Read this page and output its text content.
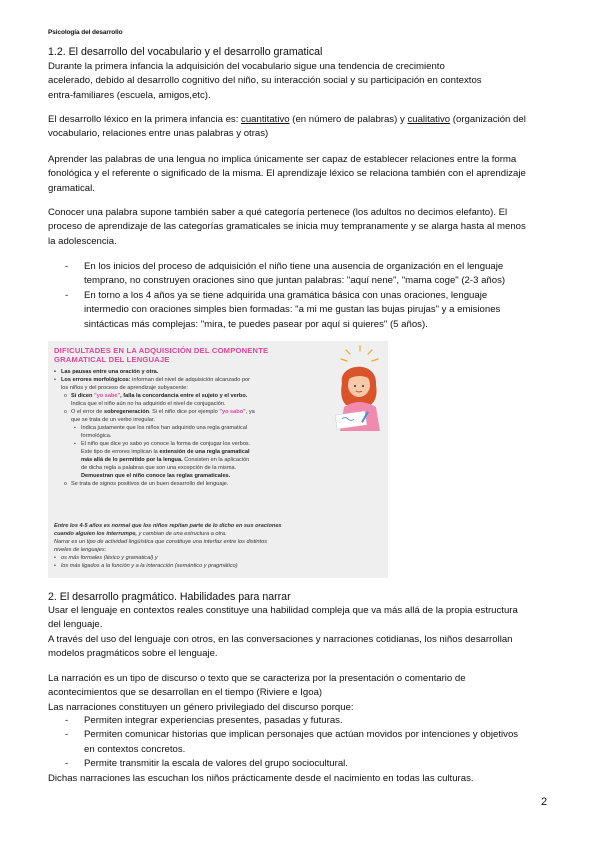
Psicología del desarrollo
1.2. El desarrollo del vocabulario y el desarrollo gramatical

Durante la primera infancia la adquisición del vocabulario sigue una tendencia de crecimiento

acelerado, debido al desarrollo cognitivo del niño, su interacción social y su participación en contextos

entra-familiares (escuela, amigos,etc).

El desarrollo léxico en la primera infancia es: cuantitativo (en número de palabras) y cualitativo (organización del

vocabulario, relaciones entre unas palabras y otras)

Aprender las palabras de una lengua no implica únicamente ser capaz de establecer relaciones entre la forma

fonológica y el referente o significado de la misma. El aprendizaje léxico se relaciona también con el aprendizaje

gramatical.

Conocer una palabra supone también saber a qué categoría pertenece (los adultos no decimos elefanto). El

proceso de aprendizaje de las categorías gramaticales se inicia muy tempranamente y se alarga hasta al menos

la adolescencia.

- En los inicios del proceso de adquisición el niño tiene una ausencia de organización en el lenguaje
temprano, no construyen oraciones sino que juntan palabras: "aquí nene", "mama coge" (2-3 años)
- En torno a los 4 años ya se tiene adquirida una gramática básica con unas oraciones, lenguaje
intermedio con oraciones simples bien formadas: "a mi me gustan las bujas pirujas" y a emisiones
sintácticas más complejas: "mira, te puedes pasear por aquí si quieres" (5 años).
DIFICULTADES EN LA ADQUISICIÓN DEL COMPONENTE
GRAMATICAL DEL LENGUAJE
• Las pausas entre una oración y otra.
• Los errores morfológicos: informan del nivel de adquisición alcanzado por
los niños y del proceso de aprendizaje subyacente:
o Si dicen "yo sabe", falla la concordancia entre el sujeto y el verbo.
Indica que el niño aún no ha adquirido el nivel de conjugación.
o O el error de sobregeneración. Si el niño dice por ejemplo "yo sabo", ya
que se trata de un verbo irregular.
▪ Indica justamente que los niños han adquirido una regla gramatical
formológica.
▪ El niño que dice yo sabo yo conoce la forma de conjugar los verbos.
Este tipo de errores implican la extensión de una regla gramatical
más allá de lo permitido por la lengua. Consisten en la aplicación
de dicha regla a palabras que son una excepción de la misma.
Demuestran que el niño conoce las reglas gramaticales.
o Se trata de signos positivos de un buen desarrollo del lenguaje.
Entre los 4-5 años es normal que los niños repitan parte de lo dicho en sus oraciones
cuando alguien los interrumpe, y cambian de una estructura a otra.
Narrar es un tipo de actividad lingüística que constituye una interfaz entre los distintos
niveles de lenguajes:
• os más formales (léxico y gramatical) y
• los más ligados a la función y a la interacción (semántico y pragmático)
2. El desarrollo pragmático. Habilidades para narrar

Usar el lenguaje en contextos reales constituye una habilidad compleja que va más allá de la propia estructura

del lenguaje.

A través del uso del lenguaje con otros, en las conversaciones y narraciones cotidianas, los niños desarrollan

modelos pragmáticos sobre el lenguaje.

La narración es un tipo de discurso o texto que se caracteriza por la presentación o comentario de

acontecimientos que se desarrollan en el tiempo (Riviere e Igoa)

Las narraciones constituyen un género privilegiado del discurso porque:

- Permiten integrar experiencias presentes, pasadas y futuras.
- Permiten comunicar historias que implican personajes que actúan movidos por intenciones y objetivos
en contextos concretos.
- Permite transmitir la escala de valores del grupo sociocultural.
Dichas narraciones las escuchan los niños prácticamente desde el nacimiento en todas las culturas.
2
